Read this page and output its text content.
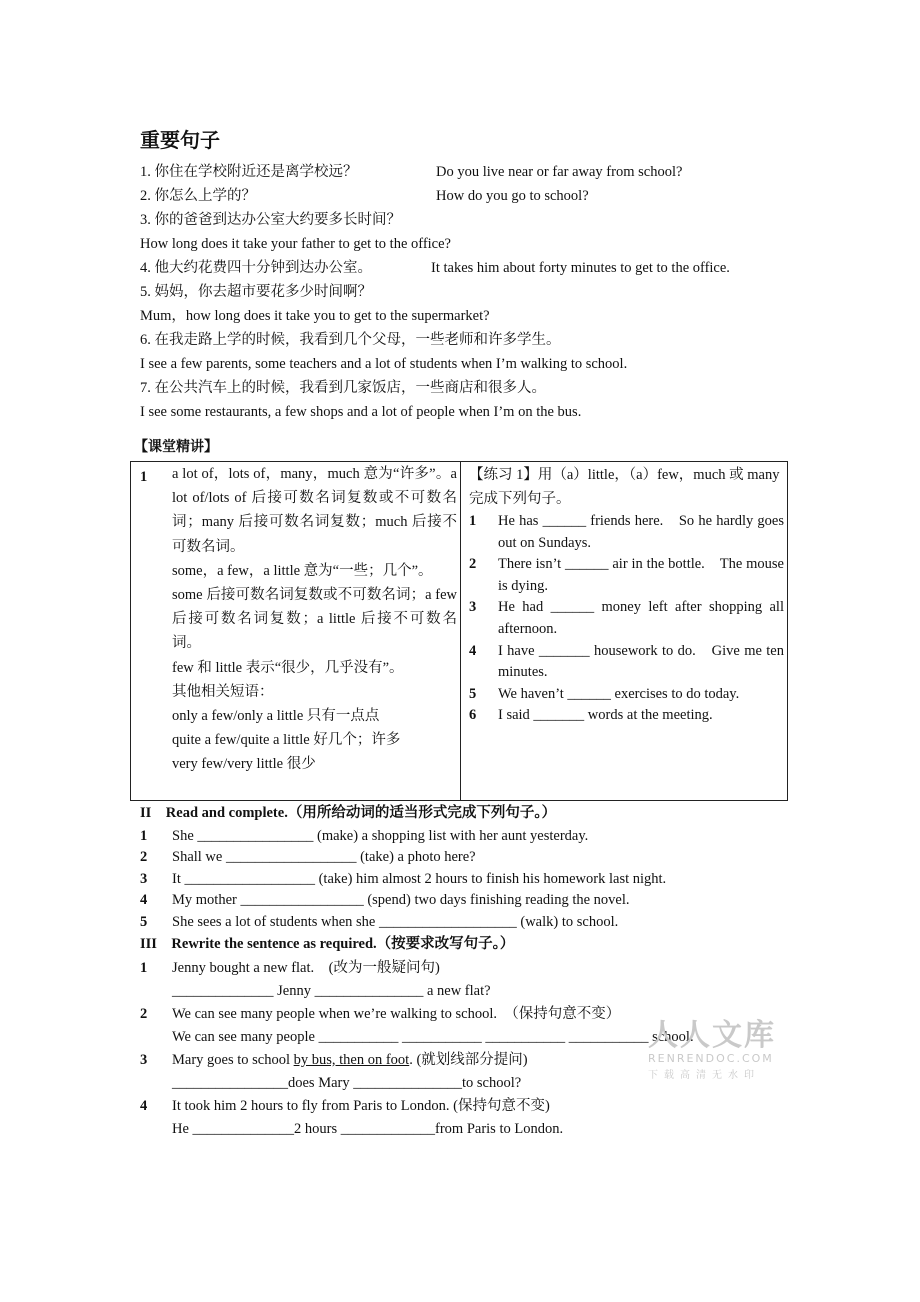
重要句子
1. 你住在学校附近还是离学校远？	Do you live near or far away from school?
2. 你怎么上学的？	How do you go to school?
3. 你的爸爸到达办公室大约要多长时间？
How long does it take your father to get to the office?
4. 他大约花费四十分钟到达办公室。	It takes him about forty minutes to get to the office.
5. 妈妈，你去超市要花多少时间啊？
Mum，how long does it take you to get to the supermarket?
6. 在我走路上学的时候，我看到几个父母，一些老师和许多学生。
I see a few parents, some teachers and a lot of students when I’m walking to school.
7. 在公共汽车上的时候，我看到几家饭店，一些商店和很多人。
I see some restaurants, a few shops and a lot of people when I’m on the bus.
【课堂精讲】
1 a lot of，lots of，many，much 意为“许多”。a lot of/lots of 后接可数名词复数或不可数名词；many 后接可数名词复数；much 后接不可数名词。

some，a few，a little 意为“一些；几个”。

some 后接可数名词复数或不可数名词；a few 后接可数名词复数；a little 后接不可数名词。

few 和 little 表示“很少，几乎没有”。

其他相关短语：

only a few/only a little 只有一点点

quite a few/quite a little 好几个；许多

very few/very little 很少

【练习 1】用（a）little，（a）few，much 或 many 完成下列句子。

1 He has ______ friends here.　So he hardly goes out on Sundays.
2 There isn’t ______ air in the bottle.　The mouse is dying.
3 He had ______ money left after shopping all afternoon.
4 I have _______ housework to do.　Give me ten minutes.
5 We haven’t ______ exercises to do today.
6 I said _______ words at the meeting.
II　Read and complete.（用所给动词的适当形式完成下列句子。）
1 She ________________ (make) a shopping list with her aunt yesterday.
2 Shall we __________________ (take) a photo here?
3 It __________________ (take) him almost 2 hours to finish his homework last night.
4 My mother _________________ (spend) two days finishing reading the novel.
5 She sees a lot of students when she ___________________ (walk) to school.
III　Rewrite the sentence as required.（按要求改写句子。）
1 Jenny bought a new flat.　(改为一般疑问句)
______________ Jenny _______________ a new flat?
2 We can see many people when we’re walking to school.　（保持句意不变）
We can see many people ___________ ___________ ___________ ___________ school.
3 Mary goes to school by bus, then on foot. (就划线部分提问)
________________does Mary _______________to school?
4 It took him 2 hours to fly from Paris to London. (保持句意不变)
He ______________2 hours _____________from Paris to London.
人人文库
RENRENDOC.COM
下载高清无水印
